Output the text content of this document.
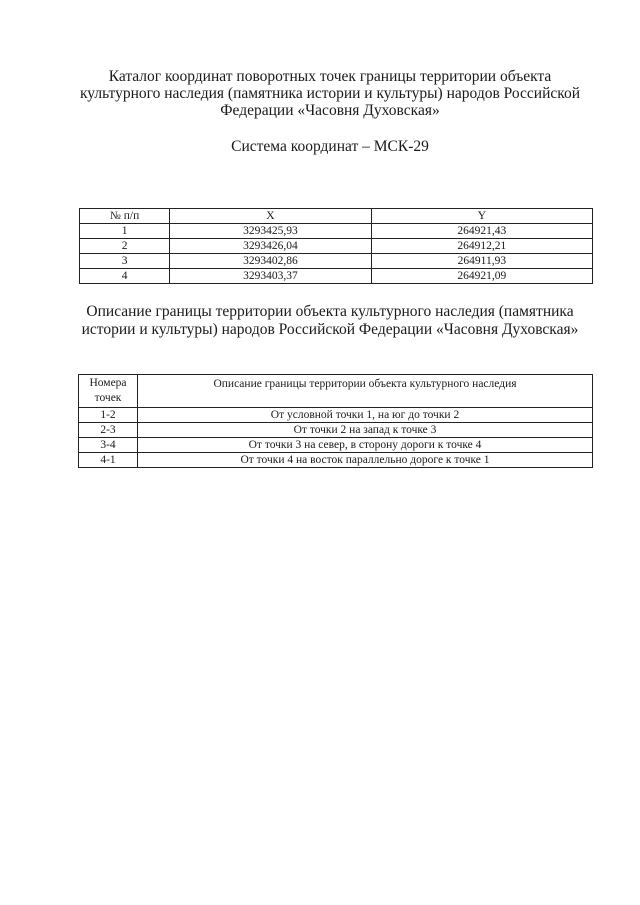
Каталог координат поворотных точек границы территории объекта
культурного наследия (памятника истории и культуры) народов Российской
Федерации «Часовня Духовская»
Система координат – МСК-29
№ п/п	X	Y
1	3293425,93	264921,43
2	3293426,04	264912,21
3	3293402,86	264911,93
4	3293403,37	264921,09
Описание границы территории объекта культурного наследия (памятника
истории и культуры) народов Российской Федерации «Часовня Духовская»
Номера
точек	Описание границы территории объекта культурного наследия
1-2	От условной точки 1, на юг до точки 2
2-3	От точки 2 на запад к точке 3
3-4	От точки 3 на север, в сторону дороги к точке 4
4-1	От точки 4 на восток параллельно дороге к точке 1
